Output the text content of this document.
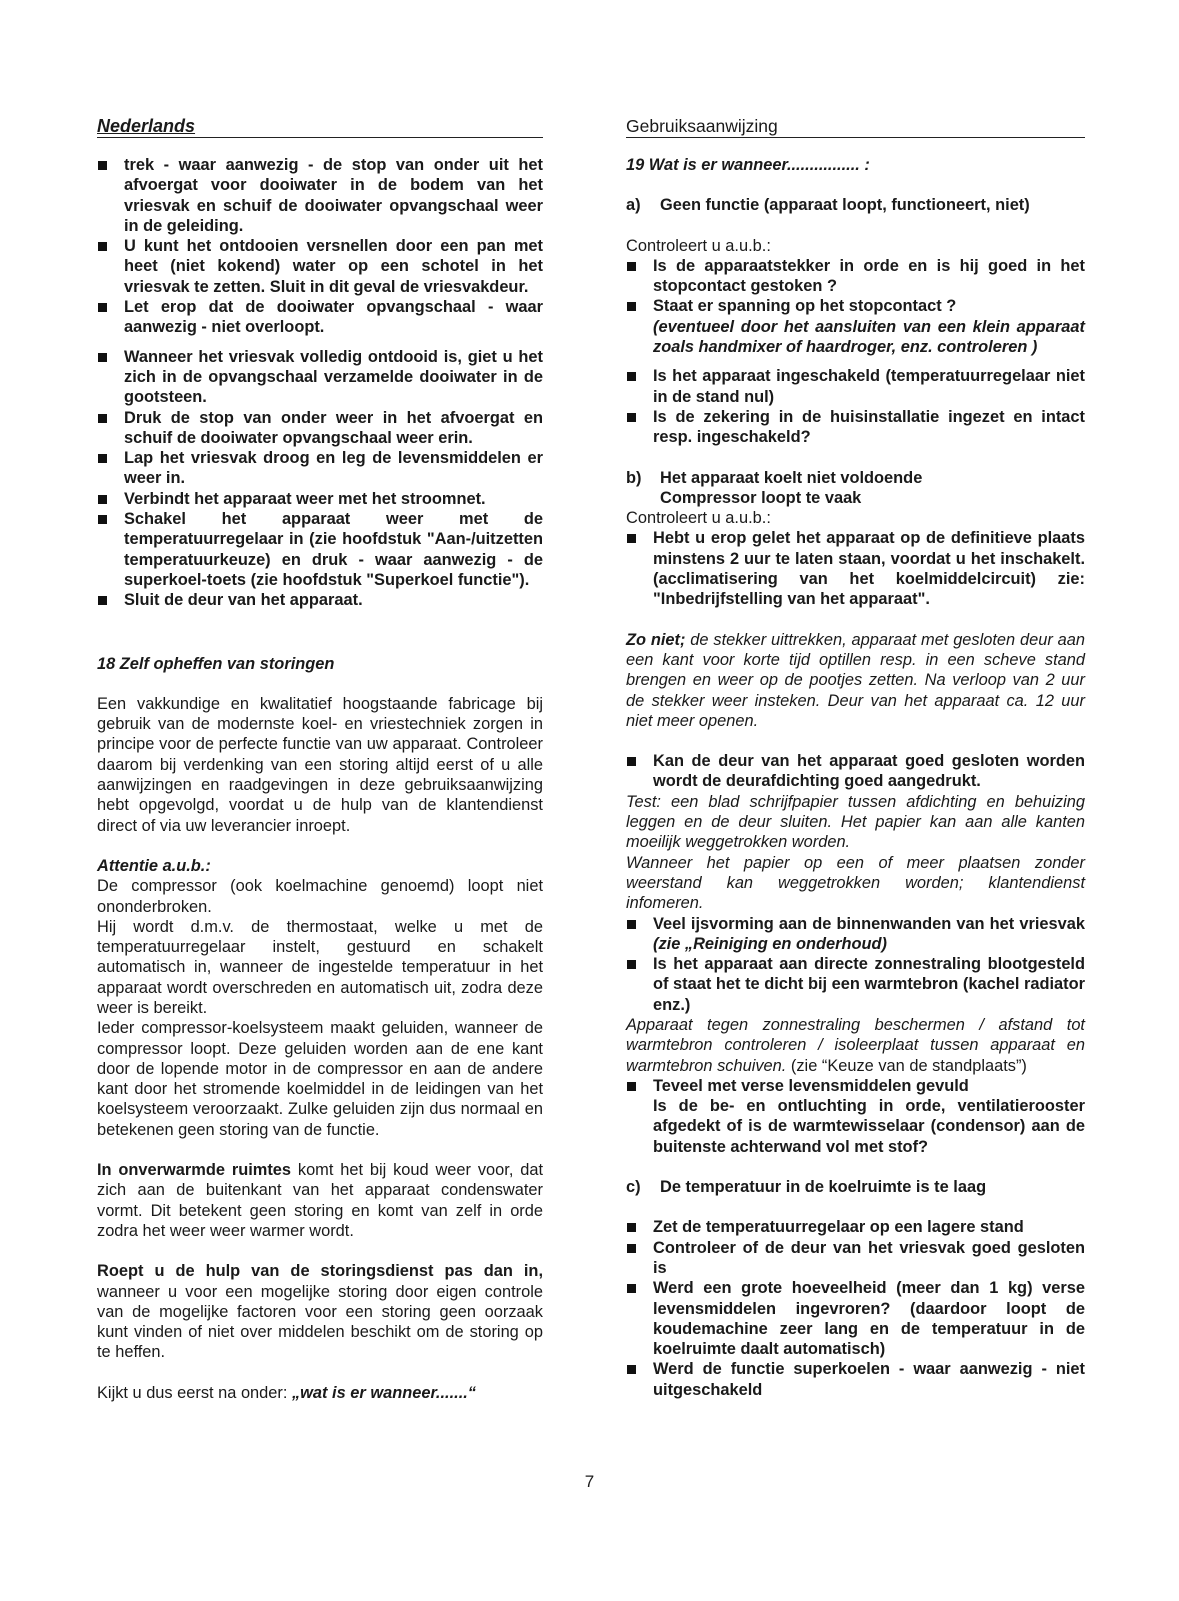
Nederlands
trek - waar aanwezig - de stop van onder uit het afvoergat voor dooiwater in de bodem van het vriesvak en schuif de dooiwater opvangschaal weer in de geleiding.
U kunt het ontdooien versnellen door een pan met heet (niet kokend) water op een schotel in het vriesvak te zetten. Sluit in dit geval de vriesvakdeur.
Let erop dat de dooiwater opvangschaal - waar aanwezig - niet overloopt.
Wanneer het vriesvak volledig ontdooid is, giet u het zich in de opvangschaal verzamelde dooiwater in de gootsteen.
Druk de stop van onder weer in het afvoergat en schuif de dooiwater opvangschaal weer erin.
Lap het vriesvak droog en leg de levensmiddelen er weer in.
Verbindt het apparaat weer met het stroomnet.
Schakel het apparaat weer met de temperatuurregelaar in (zie hoofdstuk "Aan-/uitzetten temperatuurkeuze) en druk - waar aanwezig - de superkoel-toets (zie hoofdstuk "Superkoel functie").
Sluit de deur van het apparaat.
18 Zelf opheffen van storingen

Een vakkundige en kwalitatief hoogstaande fabricage bij gebruik van de modernste koel- en vriestechniek zorgen in principe voor de perfecte functie van uw apparaat. Controleer daarom bij verdenking van een storing altijd eerst of u alle aanwijzingen en raadgevingen in deze gebruiksaanwijzing hebt opgevolgd, voordat u de hulp van de klantendienst direct of via uw leverancier inroept.

Attentie a.u.b.:

De compressor (ook koelmachine genoemd) loopt niet ononderbroken.

Hij wordt d.m.v. de thermostaat, welke u met de temperatuurregelaar instelt, gestuurd en schakelt automatisch in, wanneer de ingestelde temperatuur in het apparaat wordt overschreden en automatisch uit, zodra deze weer is bereikt.

Ieder compressor-koelsysteem maakt geluiden, wanneer de compressor loopt. Deze geluiden worden aan de ene kant door de lopende motor in de compressor en aan de andere kant door het stromende koelmiddel in de leidingen van het koelsysteem veroorzaakt. Zulke geluiden zijn dus normaal en betekenen geen storing van de functie.

In onverwarmde ruimtes komt het bij koud weer voor, dat zich aan de buitenkant van het apparaat condenswater vormt. Dit betekent geen storing en komt van zelf in orde zodra het weer weer warmer wordt.

Roept u de hulp van de storingsdienst pas dan in, wanneer u voor een mogelijke storing door eigen controle van de mogelijke factoren voor een storing geen oorzaak kunt vinden of niet over middelen beschikt om de storing op te heffen.

Kijkt u dus eerst na onder: „wat is er wanneer.......“

Gebruiksaanwijzing
19 Wat is er wanneer................ :
a) Geen functie (apparaat loopt, functioneert, niet)

Controleert u a.u.b.:

Is de apparaatstekker in orde en is hij goed in het stopcontact gestoken ?
Staat er spanning op het stopcontact ?
(eventueel door het aansluiten van een klein apparaat zoals handmixer of haardroger, enz. controleren )
Is het apparaat ingeschakeld (temperatuurregelaar niet in de stand nul)
Is de zekering in de huisinstallatie ingezet en intact resp. ingeschakeld?
b) Het apparaat koelt niet voldoende
Compressor loopt te vaak

Controleert u a.u.b.:

Hebt u erop gelet het apparaat op de definitieve plaats minstens 2 uur te laten staan, voordat u het inschakelt. (acclimatisering van het koelmiddelcircuit) zie: "Inbedrijfstelling van het apparaat".

Zo niet; de stekker uittrekken, apparaat met gesloten deur aan een kant voor korte tijd optillen resp. in een scheve stand brengen en weer op de pootjes zetten. Na verloop van 2 uur de stekker weer insteken. Deur van het apparaat ca. 12 uur niet meer openen.

Kan de deur van het apparaat goed gesloten worden wordt de deurafdichting goed aangedrukt.

Test: een blad schrijfpapier tussen afdichting en behuizing leggen en de deur sluiten. Het papier kan aan alle kanten moeilijk weggetrokken worden.

Wanneer het papier op een of meer plaatsen zonder weerstand kan weggetrokken worden; klantendienst infomeren.

Veel ijsvorming aan de binnenwanden van het vriesvak (zie „Reiniging en onderhoud)
Is het apparaat aan directe zonnestraling blootgesteld of staat het te dicht bij een warmtebron (kachel radiator enz.)

Apparaat tegen zonnestraling beschermen / afstand tot warmtebron controleren / isoleerplaat tussen apparaat en warmtebron schuiven. (zie “Keuze van de standplaats”)

Teveel met verse levensmiddelen gevuld
Is de be- en ontluchting in orde, ventilatierooster afgedekt of is de warmtewisselaar (condensor) aan de buitenste achterwand vol met stof?
c) De temperatuur in de koelruimte is te laag
Zet de temperatuurregelaar op een lagere stand
Controleer of de deur van het vriesvak goed gesloten is
Werd een grote hoeveelheid (meer dan 1 kg) verse levensmiddelen ingevroren? (daardoor loopt de koudemachine zeer lang en de temperatuur in de koelruimte daalt automatisch)
Werd de functie superkoelen - waar aanwezig - niet uitgeschakeld
7
